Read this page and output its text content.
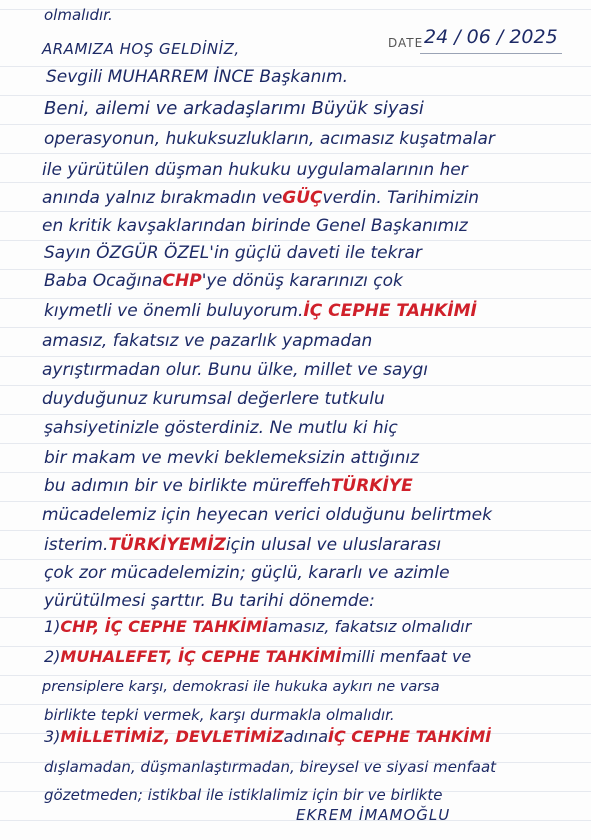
ARAMIZA HOŞ GELDİNİZ,	DATE 24 / 06 / 2025
Sevgili MUHARREM İNCE Başkanım.
Beni, ailemi ve arkadaşlarımı Büyük siyasi
operasyonun, hukuksuzlukların, acımasız kuşatmalar
ile yürütülen düşman hukuku uygulamalarının her
anında yalnız bırakmadın veGÜÇverdin. Tarihimizin
en kritik kavşaklarından birinde Genel Başkanımız
Sayın ÖZGÜR ÖZEL'in güçlü daveti ile tekrar
Baba OcağınaCHP'ye dönüş kararınızı çok
kıymetli ve önemli buluyorum.İÇ CEPHE TAHKİMİ
amasız, fakatsız ve pazarlık yapmadan
ayrıştırmadan olur. Bunu ülke, millet ve saygı
duyduğunuz kurumsal değerlere tutkulu
şahsiyetinizle gösterdiniz. Ne mutlu ki hiç
bir makam ve mevki beklemeksizin attığınız
bu adımın bir ve birlikte müreffehTÜRKİYE
mücadelemiz için heyecan verici olduğunu belirtmek
isterim.TÜRKİYEMİZiçin ulusal ve uluslararası
çok zor mücadelemizin; güçlü, kararlı ve azimle
yürütülmesi şarttır. Bu tarihi dönemde:
1)CHP, İÇ CEPHE TAHKİMİamasız, fakatsız olmalıdır
2)MUHALEFET, İÇ CEPHE TAHKİMİmilli menfaat ve
prensiplere karşı, demokrasi ile hukuka aykırı ne varsa
birlikte tepki vermek, karşı durmakla olmalıdır.
3)MİLLETİMİZ, DEVLETİMİZadınaİÇ CEPHE TAHKİMİ
dışlamadan, düşmanlaştırmadan, bireysel ve siyasi menfaat
gözetmeden; istikbal ile istiklalimiz için bir ve birlikte
olmalıdır.
EKREM İMAMOĞLU
